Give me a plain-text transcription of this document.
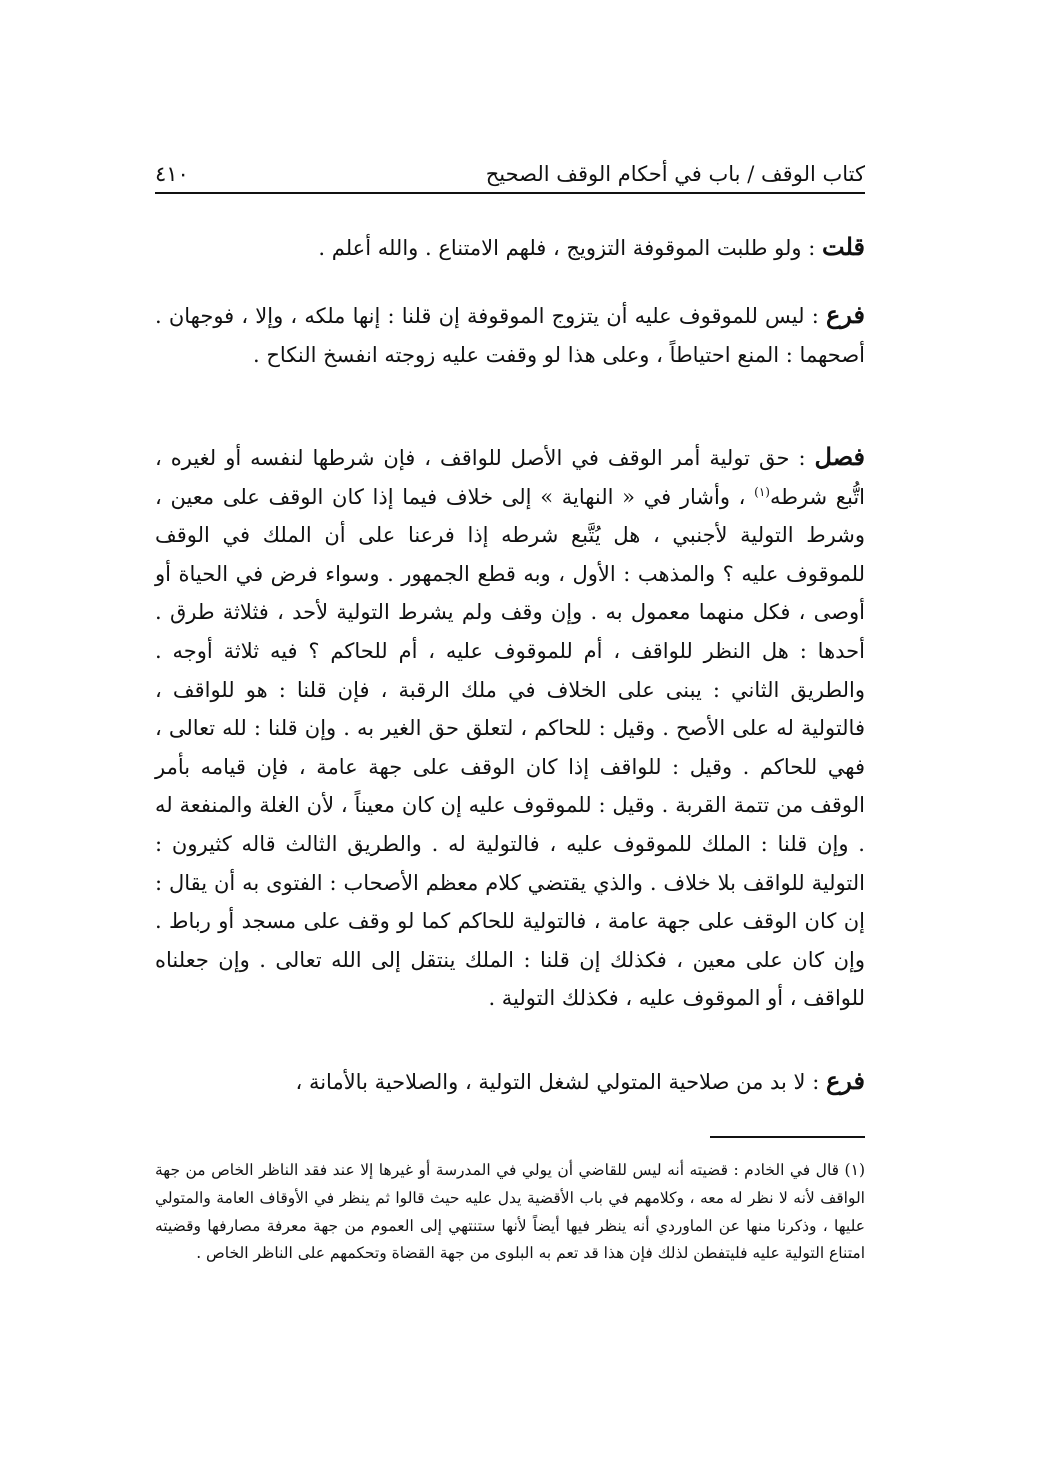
كتاب الوقف / باب في أحكام الوقف الصحيح
٤١٠
قلت : ولو طلبت الموقوفة التزويج ، فلهم الامتناع . والله أعلم .
فرع : ليس للموقوف عليه أن يتزوج الموقوفة إن قلنا : إنها ملكه ، وإلا ، فوجهان . أصحهما : المنع احتياطاً ، وعلى هذا لو وقفت عليه زوجته انفسخ النكاح .
فصل : حق تولية أمر الوقف في الأصل للواقف ، فإن شرطها لنفسه أو لغيره ، اتُّبع شرطه$^{(١)}$ ، وأشار في « النهاية » إلى خلاف فيما إذا كان الوقف على معين ، وشرط التولية لأجنبي ، هل يُتَّبع شرطه إذا فرعنا على أن الملك في الوقف للموقوف عليه ؟ والمذهب : الأول ، وبه قطع الجمهور . وسواء فرض في الحياة أو أوصى ، فكل منهما معمول به . وإن وقف ولم يشرط التولية لأحد ، فثلاثة طرق . أحدها : هل النظر للواقف ، أم للموقوف عليه ، أم للحاكم ؟ فيه ثلاثة أوجه . والطريق الثاني : يبنى على الخلاف في ملك الرقبة ، فإن قلنا : هو للواقف ، فالتولية له على الأصح . وقيل : للحاكم ، لتعلق حق الغير به . وإن قلنا : لله تعالى ، فهي للحاكم . وقيل : للواقف إذا كان الوقف على جهة عامة ، فإن قيامه بأمر الوقف من تتمة القربة . وقيل : للموقوف عليه إن كان معيناً ، لأن الغلة والمنفعة له . وإن قلنا : الملك للموقوف عليه ، فالتولية له . والطريق الثالث قاله كثيرون : التولية للواقف بلا خلاف . والذي يقتضي كلام معظم الأصحاب : الفتوى به أن يقال : إن كان الوقف على جهة عامة ، فالتولية للحاكم كما لو وقف على مسجد أو رباط . وإن كان على معين ، فكذلك إن قلنا : الملك ينتقل إلى الله تعالى . وإن جعلناه للواقف ، أو الموقوف عليه ، فكذلك التولية .
فرع : لا بد من صلاحية المتولي لشغل التولية ، والصلاحية بالأمانة ،
(١) قال في الخادم : قضيته أنه ليس للقاضي أن يولي في المدرسة أو غيرها إلا عند فقد الناظر الخاص من جهة الواقف لأنه لا نظر له معه ، وكلامهم في باب الأقضية يدل عليه حيث قالوا ثم ينظر في الأوقاف العامة والمتولي عليها ، وذكرنا منها عن الماوردي أنه ينظر فيها أيضاً لأنها ستنتهي إلى العموم من جهة معرفة مصارفها وقضيته امتناع التولية عليه فليتفطن لذلك فإن هذا قد تعم به البلوى من جهة القضاة وتحكمهم على الناظر الخاص .
